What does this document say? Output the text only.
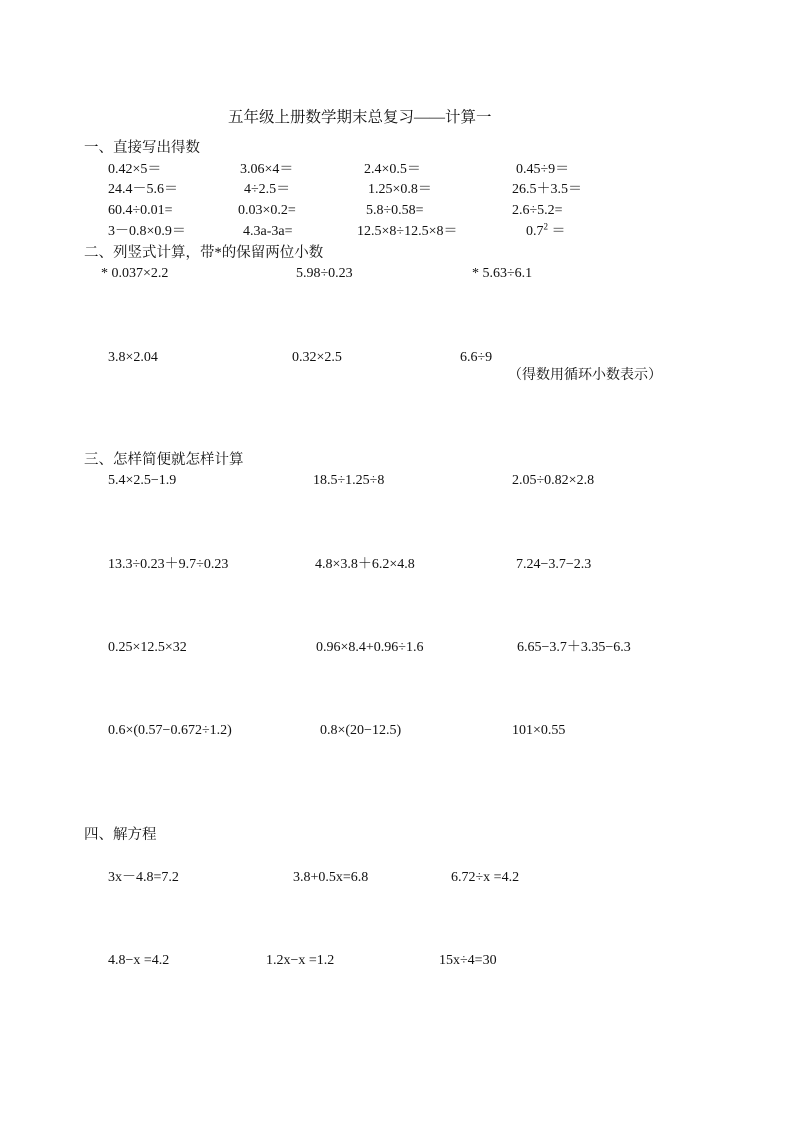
五年级上册数学期末总复习——计算一
一、直接写出得数
0.42×5＝	3.06×4＝	2.4×0.5＝	0.45÷9＝
24.4－5.6＝	4÷2.5＝	1.25×0.8＝	26.5＋3.5＝
60.4÷0.01=	0.03×0.2=	5.8÷0.58=	2.6÷5.2=
3－0.8×0.9＝	4.3a-3a=	12.5×8÷12.5×8＝	$0.7^2$ ＝
二、列竖式计算，带*的保留两位小数
* 0.037×2.2	5.98÷0.23	* 5.63÷6.1
3.8×2.04	0.32×2.5	6.6÷9
（得数用循环小数表示）
三、怎样简便就怎样计算
5.4×2.5−1.9	18.5÷1.25÷8	2.05÷0.82×2.8
13.3÷0.23＋9.7÷0.23	4.8×3.8＋6.2×4.8	7.24−3.7−2.3
0.25×12.5×32	0.96×8.4+0.96÷1.6	6.65−3.7＋3.35−6.3
0.6×(0.57−0.672÷1.2)	0.8×(20−12.5)	101×0.55
四、解方程
3x－4.8=7.2	3.8+0.5x=6.8	6.72÷x =4.2
4.8−x =4.2	1.2x−x =1.2	15x÷4=30
